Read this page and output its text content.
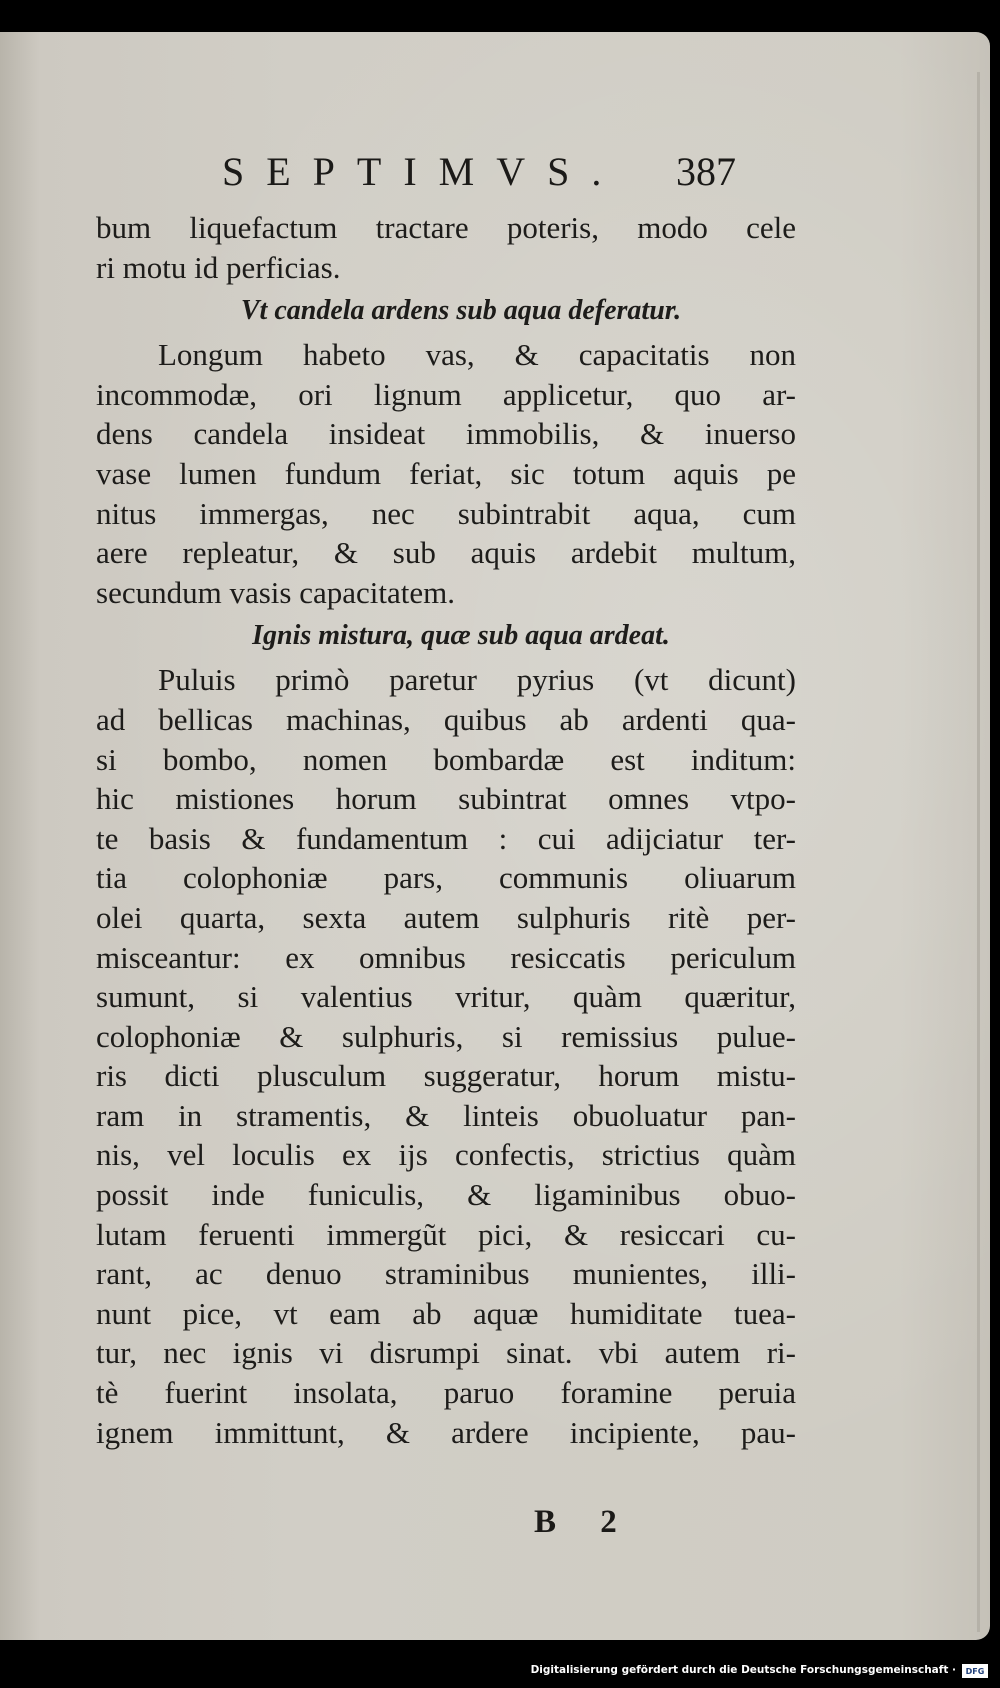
SEPTIMVS. 387
bum liquefactum tractare poteris, modo cele
ri motu id perficias.
Vt candela ardens sub aqua deferatur.
Longum habeto vas, & capacitatis non
incommodæ, ori lignum applicetur, quo ar-
dens candela insideat immobilis, & inuerso
vase lumen fundum feriat, sic totum aquis pe
nitus immergas, nec subintrabit aqua, cum
aere repleatur, & sub aquis ardebit multum,
secundum vasis capacitatem.
Ignis mistura, quæ sub aqua ardeat.
Puluis primò paretur pyrius (vt dicunt)
ad bellicas machinas, quibus ab ardenti qua-
si bombo, nomen bombardæ est inditum:
hic mistiones horum subintrat omnes vtpo-
te basis & fundamentum : cui adijciatur ter-
tia colophoniæ pars, communis oliuarum
olei quarta, sexta autem sulphuris ritè per-
misceantur: ex omnibus resiccatis periculum
sumunt, si valentius vritur, quàm quæritur,
colophoniæ & sulphuris, si remissius pulue-
ris dicti plusculum suggeratur, horum mistu-
ram in stramentis, & linteis obuoluatur pan-
nis, vel loculis ex ijs confectis, strictius quàm
possit inde funiculis, & ligaminibus obuo-
lutam feruenti immergũt pici, & resiccari cu-
rant, ac denuo straminibus munientes, illi-
nunt pice, vt eam ab aquæ humiditate tuea-
tur, nec ignis vi disrumpi sinat. vbi autem ri-
tè fuerint insolata, paruo foramine peruia
ignem immittunt, & ardere incipiente, pau-
B 2
Digitalisierung gefördert durch die Deutsche Forschungsgemeinschaft · DFG
